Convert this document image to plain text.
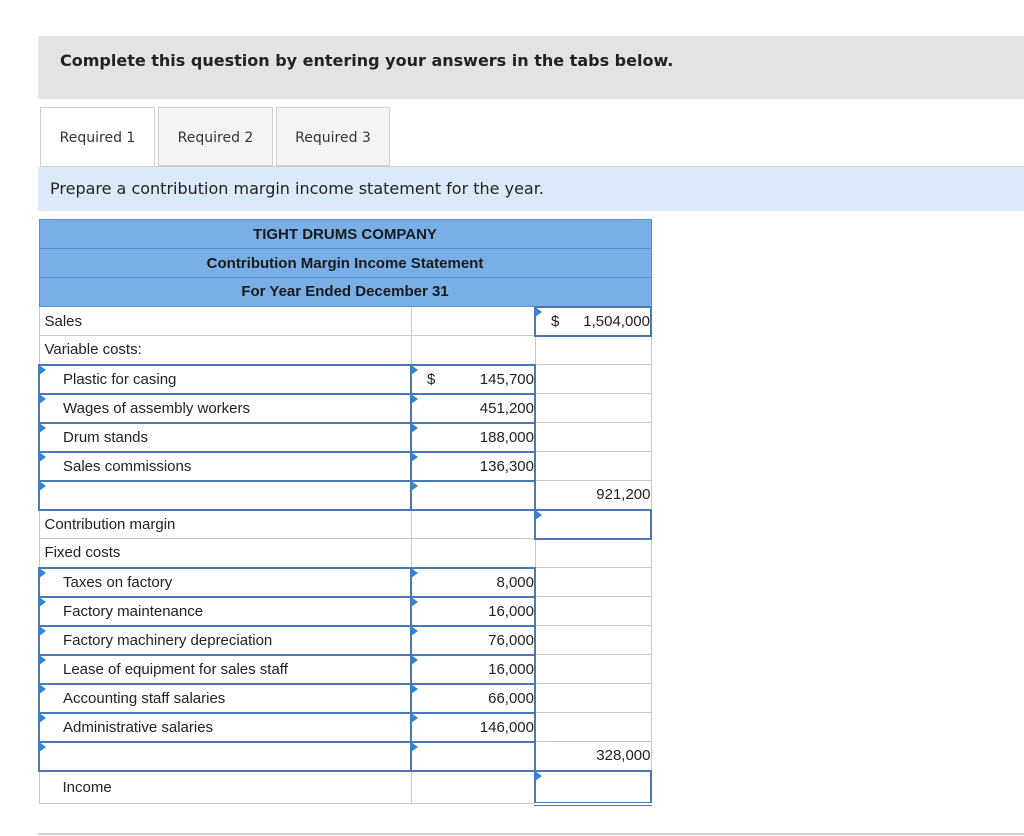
Complete this question by entering your answers in the tabs below.
Required 1	Required 2	Required 3
Prepare a contribution margin income statement for the year.
TIGHT DRUMS COMPANY		
Contribution Margin Income Statement		
For Year Ended December 31		
Sales		$ 1,504,000
Variable costs:		
Plastic for casing	$ 145,700	
Wages of assembly workers	451,200	
Drum stands	188,000	
Sales commissions	136,300	
		921,200
Contribution margin		
Fixed costs		
Taxes on factory	8,000	
Factory maintenance	16,000	
Factory machinery depreciation	76,000	
Lease of equipment for sales staff	16,000	
Accounting staff salaries	66,000	
Administrative salaries	146,000	
		328,000
Income		
